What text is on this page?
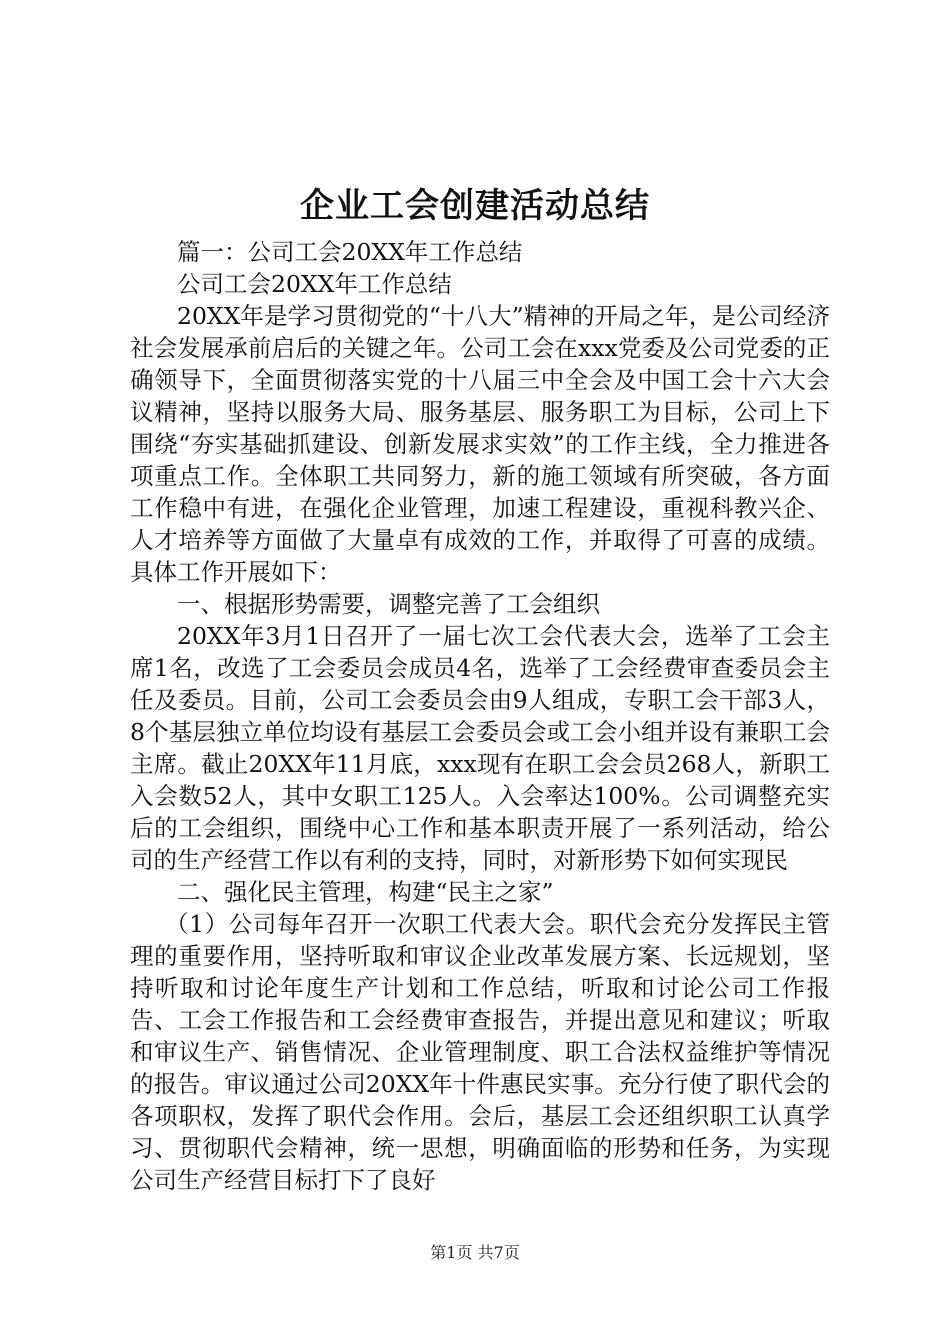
企业工会创建活动总结

篇一：公司工会20XX年工作总结

公司工会20XX年工作总结

20XX年是学习贯彻党的“十八大”精神的开局之年，是公司经济社会发展承前启后的关键之年。公司工会在xxx党委及公司党委的正确领导下，全面贯彻落实党的十八届三中全会及中国工会十六大会议精神，坚持以服务大局、服务基层、服务职工为目标，公司上下围绕“夯实基础抓建设、创新发展求实效”的工作主线，全力推进各项重点工作。全体职工共同努力，新的施工领域有所突破，各方面工作稳中有进，在强化企业管理，加速工程建设，重视科教兴企、人才培养等方面做了大量卓有成效的工作，并取得了可喜的成绩。具体工作开展如下：

一、根据形势需要，调整完善了工会组织

20XX年3月1日召开了一届七次工会代表大会，选举了工会主席1名，改选了工会委员会成员4名，选举了工会经费审查委员会主任及委员。目前，公司工会委员会由9人组成，专职工会干部3人，8个基层独立单位均设有基层工会委员会或工会小组并设有兼职工会主席。截止20XX年11月底，xxx现有在职工会会员268人，新职工入会数52人，其中女职工125人。入会率达100%。公司调整充实后的工会组织，围绕中心工作和基本职责开展了一系列活动，给公司的生产经营工作以有利的支持，同时，对新形势下如何实现民

二、强化民主管理，构建“民主之家”

（1）公司每年召开一次职工代表大会。职代会充分发挥民主管理的重要作用，坚持听取和审议企业改革发展方案、长远规划，坚持听取和讨论年度生产计划和工作总结，听取和讨论公司工作报告、工会工作报告和工会经费审查报告，并提出意见和建议；听取和审议生产、销售情况、企业管理制度、职工合法权益维护等情况的报告。审议通过公司20XX年十件惠民实事。充分行使了职代会的各项职权，发挥了职代会作用。会后，基层工会还组织职工认真学习、贯彻职代会精神，统一思想，明确面临的形势和任务，为实现公司生产经营目标打下了良好

第1页 共7页
